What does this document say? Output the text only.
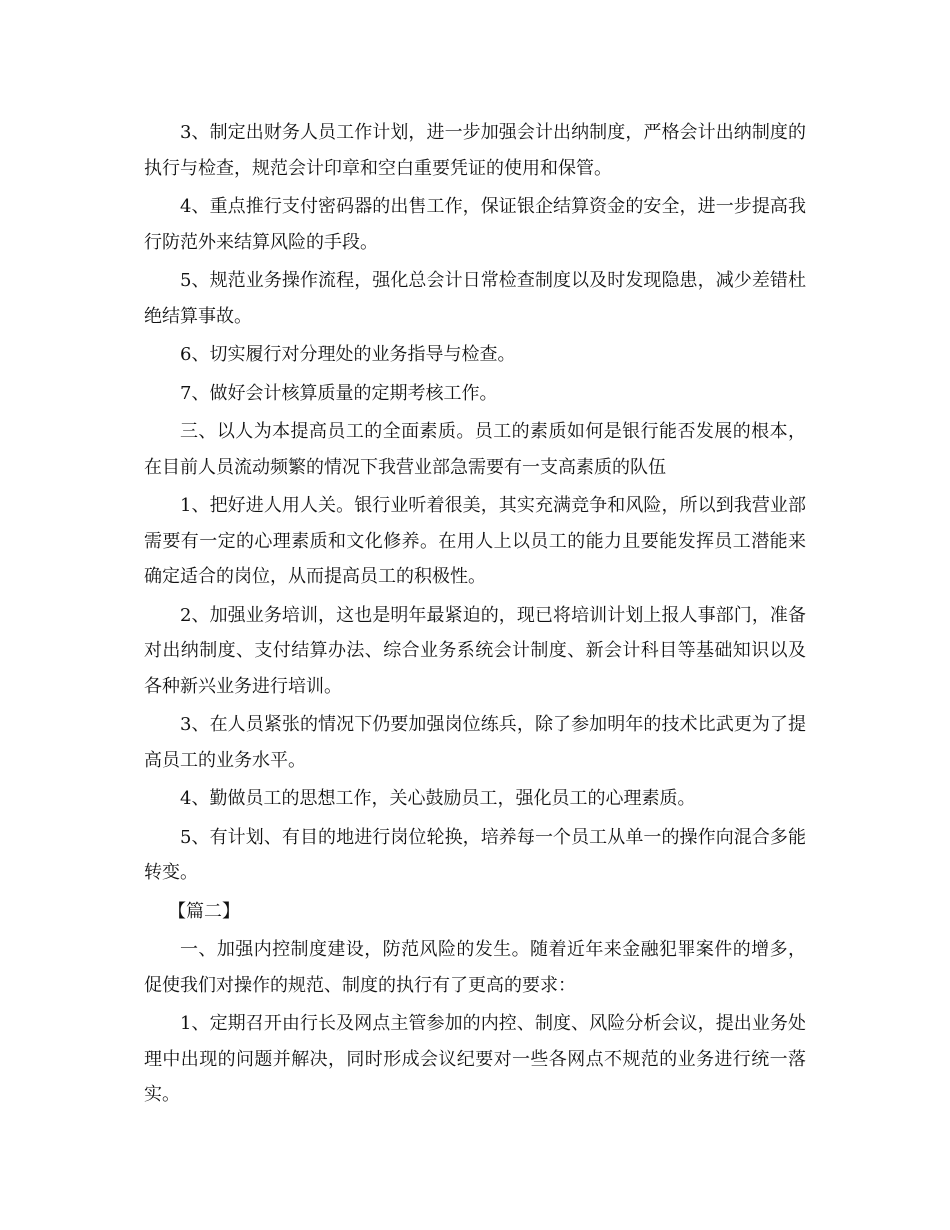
3、制定出财务人员工作计划，进一步加强会计出纳制度，严格会计出纳制度的执行与检查，规范会计印章和空白重要凭证的使用和保管。

4、重点推行支付密码器的出售工作，保证银企结算资金的安全，进一步提高我行防范外来结算风险的手段。

5、规范业务操作流程，强化总会计日常检查制度以及时发现隐患，减少差错杜绝结算事故。

6、切实履行对分理处的业务指导与检查。

7、做好会计核算质量的定期考核工作。

三、以人为本提高员工的全面素质。员工的素质如何是银行能否发展的根本，在目前人员流动频繁的情况下我营业部急需要有一支高素质的队伍

1、把好进人用人关。银行业听着很美，其实充满竞争和风险，所以到我营业部需要有一定的心理素质和文化修养。在用人上以员工的能力且要能发挥员工潜能来确定适合的岗位，从而提高员工的积极性。

2、加强业务培训，这也是明年最紧迫的，现已将培训计划上报人事部门，准备对出纳制度、支付结算办法、综合业务系统会计制度、新会计科目等基础知识以及各种新兴业务进行培训。

3、在人员紧张的情况下仍要加强岗位练兵，除了参加明年的技术比武更为了提高员工的业务水平。

4、勤做员工的思想工作，关心鼓励员工，强化员工的心理素质。

5、有计划、有目的地进行岗位轮换，培养每一个员工从单一的操作向混合多能转变。

【篇二】

一、加强内控制度建设，防范风险的发生。随着近年来金融犯罪案件的增多，促使我们对操作的规范、制度的执行有了更高的要求：

1、定期召开由行长及网点主管参加的内控、制度、风险分析会议，提出业务处理中出现的问题并解决，同时形成会议纪要对一些各网点不规范的业务进行统一落实。
